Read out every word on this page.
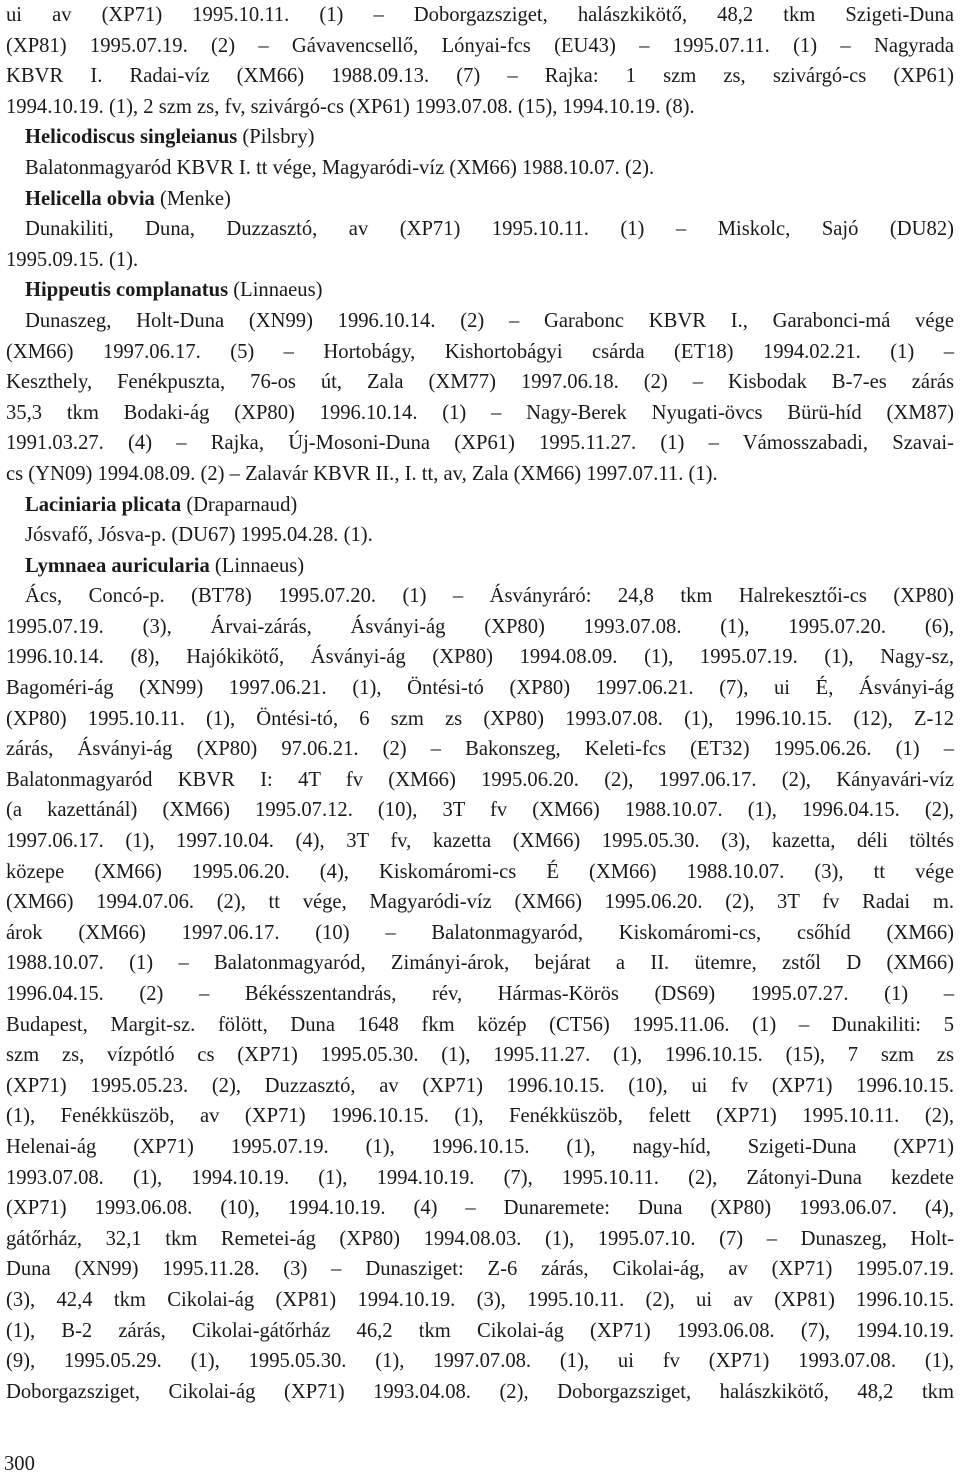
ui av (XP71) 1995.10.11. (1) – Doborgazsziget, halászkikötő, 48,2 tkm Szigeti-Duna
(XP81) 1995.07.19. (2) – Gávavencsellő, Lónyai-fcs (EU43) – 1995.07.11. (1) – Nagyrada
KBVR I. Radai-víz (XM66) 1988.09.13. (7) – Rajka: 1 szm zs, szivárgó-cs (XP61)
1994.10.19. (1), 2 szm zs, fv, szivárgó-cs (XP61) 1993.07.08. (15), 1994.10.19. (8).
Helicodiscus singleianus (Pilsbry)
Balatonmagyaród KBVR I. tt vége, Magyaródi-víz (XM66) 1988.10.07. (2).
Helicella obvia (Menke)
Dunakiliti, Duna, Duzzasztó, av (XP71) 1995.10.11. (1) – Miskolc, Sajó (DU82)
1995.09.15. (1).
Hippeutis complanatus (Linnaeus)
Dunaszeg, Holt-Duna (XN99) 1996.10.14. (2) – Garabonc KBVR I., Garabonci-má vége
(XM66) 1997.06.17. (5) – Hortobágy, Kishortobágyi csárda (ET18) 1994.02.21. (1) –
Keszthely, Fenékpuszta, 76-os út, Zala (XM77) 1997.06.18. (2) – Kisbodak B-7-es zárás
35,3 tkm Bodaki-ág (XP80) 1996.10.14. (1) – Nagy-Berek Nyugati-övcs Bürü-híd (XM87)
1991.03.27. (4) – Rajka, Új-Mosoni-Duna (XP61) 1995.11.27. (1) – Vámosszabadi, Szavai-
cs (YN09) 1994.08.09. (2) – Zalavár KBVR II., I. tt, av, Zala (XM66) 1997.07.11. (1).
Laciniaria plicata (Draparnaud)
Jósvafő, Jósva-p. (DU67) 1995.04.28. (1).
Lymnaea auricularia (Linnaeus)
Ács, Concó-p. (BT78) 1995.07.20. (1) – Ásványráró: 24,8 tkm Halrekesztői-cs (XP80)
1995.07.19. (3), Árvai-zárás, Ásványi-ág (XP80) 1993.07.08. (1), 1995.07.20. (6),
1996.10.14. (8), Hajókikötő, Ásványi-ág (XP80) 1994.08.09. (1), 1995.07.19. (1), Nagy-sz,
Bagoméri-ág (XN99) 1997.06.21. (1), Öntési-tó (XP80) 1997.06.21. (7), ui É, Ásványi-ág
(XP80) 1995.10.11. (1), Öntési-tó, 6 szm zs (XP80) 1993.07.08. (1), 1996.10.15. (12), Z-12
zárás, Ásványi-ág (XP80) 97.06.21. (2) – Bakonszeg, Keleti-fcs (ET32) 1995.06.26. (1) –
Balatonmagyaród KBVR I: 4T fv (XM66) 1995.06.20. (2), 1997.06.17. (2), Kányavári-víz
(a kazettánál) (XM66) 1995.07.12. (10), 3T fv (XM66) 1988.10.07. (1), 1996.04.15. (2),
1997.06.17. (1), 1997.10.04. (4), 3T fv, kazetta (XM66) 1995.05.30. (3), kazetta, déli töltés
közepe (XM66) 1995.06.20. (4), Kiskomáromi-cs É (XM66) 1988.10.07. (3), tt vége
(XM66) 1994.07.06. (2), tt vége, Magyaródi-víz (XM66) 1995.06.20. (2), 3T fv Radai m.
árok (XM66) 1997.06.17. (10) – Balatonmagyaród, Kiskomáromi-cs, csőhíd (XM66)
1988.10.07. (1) – Balatonmagyaród, Zimányi-árok, bejárat a II. ütemre, zstől D (XM66)
1996.04.15. (2) – Békésszentandrás, rév, Hármas-Körös (DS69) 1995.07.27. (1) –
Budapest, Margit-sz. fölött, Duna 1648 fkm közép (CT56) 1995.11.06. (1) – Dunakiliti: 5
szm zs, vízpótló cs (XP71) 1995.05.30. (1), 1995.11.27. (1), 1996.10.15. (15), 7 szm zs
(XP71) 1995.05.23. (2), Duzzasztó, av (XP71) 1996.10.15. (10), ui fv (XP71) 1996.10.15.
(1), Fenékküszöb, av (XP71) 1996.10.15. (1), Fenékküszöb, felett (XP71) 1995.10.11. (2),
Helenai-ág (XP71) 1995.07.19. (1), 1996.10.15. (1), nagy-híd, Szigeti-Duna (XP71)
1993.07.08. (1), 1994.10.19. (1), 1994.10.19. (7), 1995.10.11. (2), Zátonyi-Duna kezdete
(XP71) 1993.06.08. (10), 1994.10.19. (4) – Dunaremete: Duna (XP80) 1993.06.07. (4),
gátőrház, 32,1 tkm Remetei-ág (XP80) 1994.08.03. (1), 1995.07.10. (7) – Dunaszeg, Holt-
Duna (XN99) 1995.11.28. (3) – Dunasziget: Z-6 zárás, Cikolai-ág, av (XP71) 1995.07.19.
(3), 42,4 tkm Cikolai-ág (XP81) 1994.10.19. (3), 1995.10.11. (2), ui av (XP81) 1996.10.15.
(1), B-2 zárás, Cikolai-gátőrház 46,2 tkm Cikolai-ág (XP71) 1993.06.08. (7), 1994.10.19.
(9), 1995.05.29. (1), 1995.05.30. (1), 1997.07.08. (1), ui fv (XP71) 1993.07.08. (1),
Doborgazsziget, Cikolai-ág (XP71) 1993.04.08. (2), Doborgazsziget, halászkikötő, 48,2 tkm
300
